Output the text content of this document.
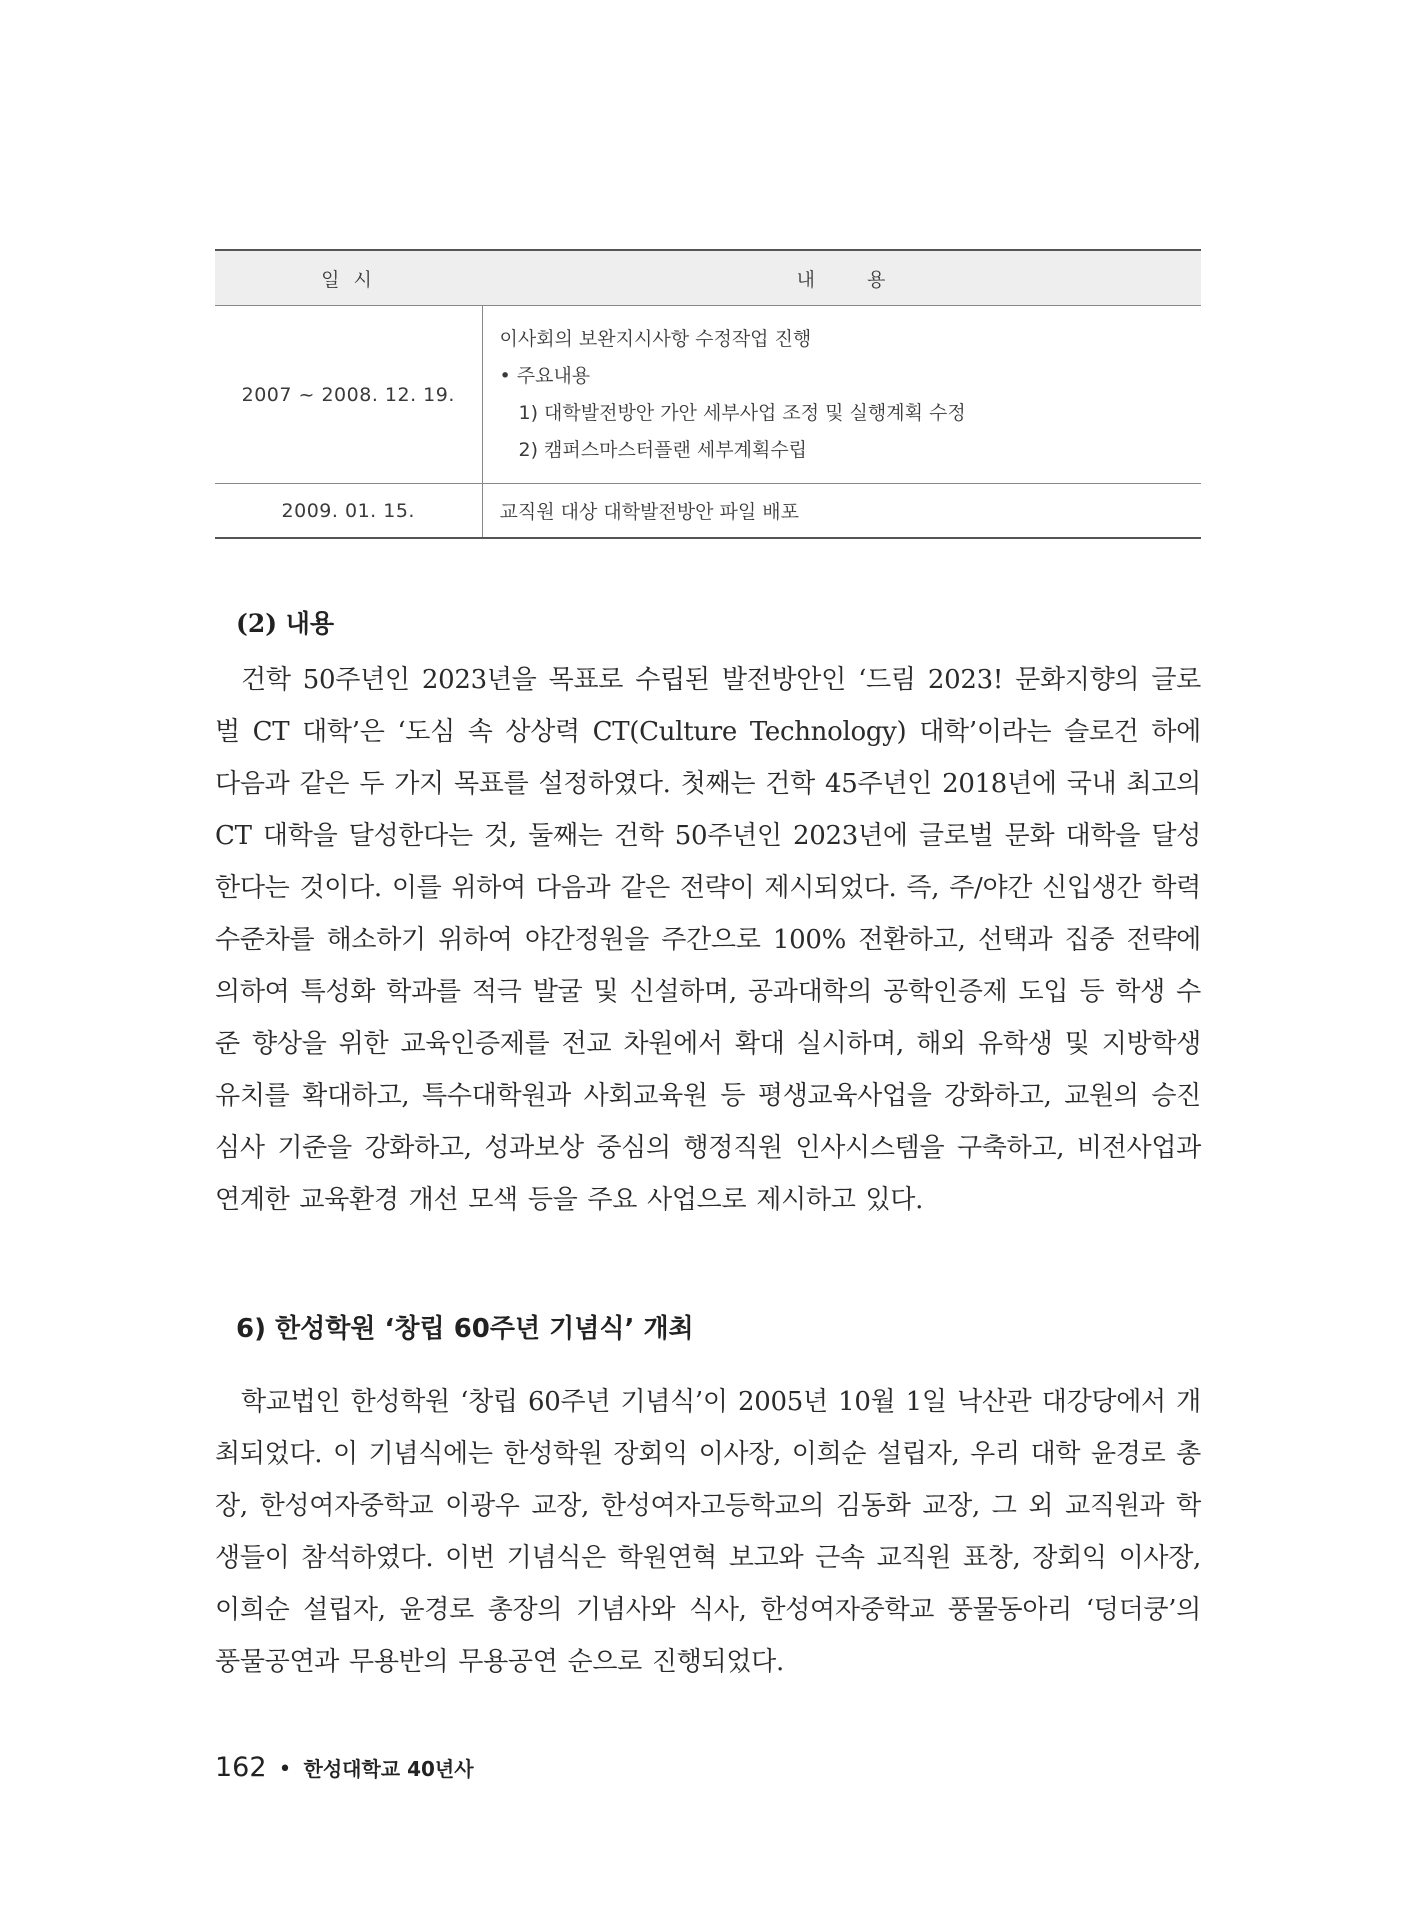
일 시	내용
2007 ~ 2008. 12. 19.	이사회의 보완지시사항 수정작업 진행
• 주요내용
1) 대학발전방안 가안 세부사업 조정 및 실행계획 수정
2) 캠퍼스마스터플랜 세부계획수립

2009. 01. 15.	교직원 대상 대학발전방안 파일 배포
(2) 내용

건학 50주년인 2023년을 목표로 수립된 발전방안인 ‘드림 2023! 문화지향의 글로벌 CT 대학’은 ‘도심 속 상상력 CT(Culture Technology) 대학’이라는 슬로건 하에 다음과 같은 두 가지 목표를 설정하였다. 첫째는 건학 45주년인 2018년에 국내 최고의 CT 대학을 달성한다는 것, 둘째는 건학 50주년인 2023년에 글로벌 문화 대학을 달성한다는 것이다. 이를 위하여 다음과 같은 전략이 제시되었다. 즉, 주/야간 신입생간 학력수준차를 해소하기 위하여 야간정원을 주간으로 100% 전환하고, 선택과 집중 전략에 의하여 특성화 학과를 적극 발굴 및 신설하며, 공과대학의 공학인증제 도입 등 학생 수준 향상을 위한 교육인증제를 전교 차원에서 확대 실시하며, 해외 유학생 및 지방학생 유치를 확대하고, 특수대학원과 사회교육원 등 평생교육사업을 강화하고, 교원의 승진심사 기준을 강화하고, 성과보상 중심의 행정직원 인사시스템을 구축하고, 비전사업과 연계한 교육환경 개선 모색 등을 주요 사업으로 제시하고 있다.

6) 한성학원 ‘창립 60주년 기념식’ 개최

학교법인 한성학원 ‘창립 60주년 기념식’이 2005년 10월 1일 낙산관 대강당에서 개최되었다. 이 기념식에는 한성학원 장회익 이사장, 이희순 설립자, 우리 대학 윤경로 총장, 한성여자중학교 이광우 교장, 한성여자고등학교의 김동화 교장, 그 외 교직원과 학생들이 참석하였다. 이번 기념식은 학원연혁 보고와 근속 교직원 표창, 장회익 이사장, 이희순 설립자, 윤경로 총장의 기념사와 식사, 한성여자중학교 풍물동아리 ‘덩더쿵’의 풍물공연과 무용반의 무용공연 순으로 진행되었다.

162 • 한성대학교 40년사
